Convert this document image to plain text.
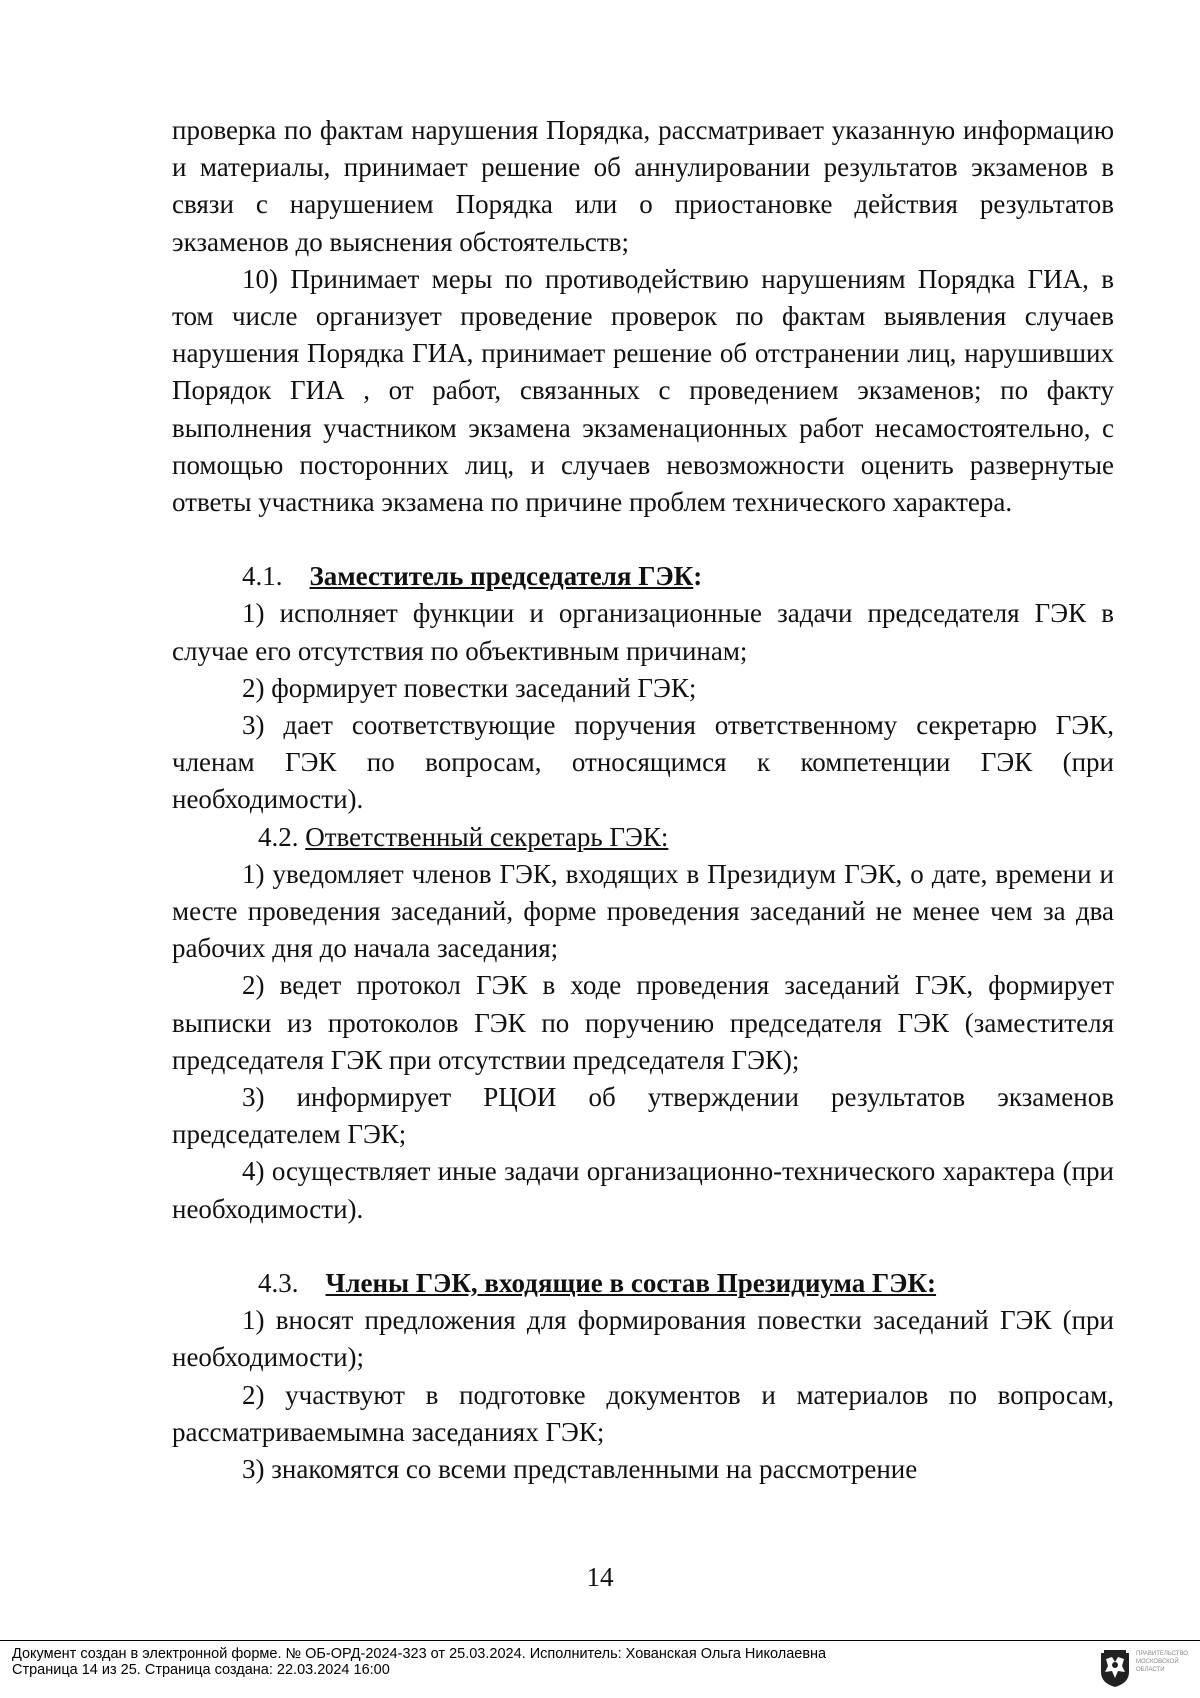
проверка по фактам нарушения Порядка, рассматривает указанную информацию и материалы, принимает решение об аннулировании результатов экзаменов в связи с нарушением Порядка или о приостановке действия результатов экзаменов до выяснения обстоятельств;

10) Принимает меры по противодействию нарушениям Порядка ГИА, в том числе организует проведение проверок по фактам выявления случаев нарушения Порядка ГИА, принимает решение об отстранении лиц, нарушивших Порядок ГИА , от работ, связанных с проведением экзаменов; по факту выполнения участником экзамена экзаменационных работ несамостоятельно, с помощью посторонних лиц, и случаев невозможности оценить развернутые ответы участника экзамена по причине проблем технического характера.

4.1. Заместитель председателя ГЭК:

1) исполняет функции и организационные задачи председателя ГЭК в случае его отсутствия по объективным причинам;

2) формирует повестки заседаний ГЭК;

3) дает соответствующие поручения ответственному секретарю ГЭК, членам ГЭК по вопросам, относящимся к компетенции ГЭК (при необходимости).

4.2. Ответственный секретарь ГЭК:

1) уведомляет членов ГЭК, входящих в Президиум ГЭК, о дате, времени и месте проведения заседаний, форме проведения заседаний не менее чем за два рабочих дня до начала заседания;

2) ведет протокол ГЭК в ходе проведения заседаний ГЭК, формирует выписки из протоколов ГЭК по поручению председателя ГЭК (заместителя председателя ГЭК при отсутствии председателя ГЭК);

3) информирует РЦОИ об утверждении результатов экзаменов председателем ГЭК;

4) осуществляет иные задачи организационно-технического характера (при необходимости).

4.3. Члены ГЭК, входящие в состав Президиума ГЭК:

1) вносят предложения для формирования повестки заседаний ГЭК (при необходимости);

2) участвуют в подготовке документов и материалов по вопросам, рассматриваемымна заседаниях ГЭК;

3) знакомятся со всеми представленными на рассмотрение

14
Документ создан в электронной форме. № ОБ-ОРД-2024-323 от 25.03.2024. Исполнитель: Хованская Ольга Николаевна
Страница 14 из 25. Страница создана: 22.03.2024 16:00
ПРАВИТЕЛЬСТВО МОСКОВСКОЙ ОБЛАСТИ
